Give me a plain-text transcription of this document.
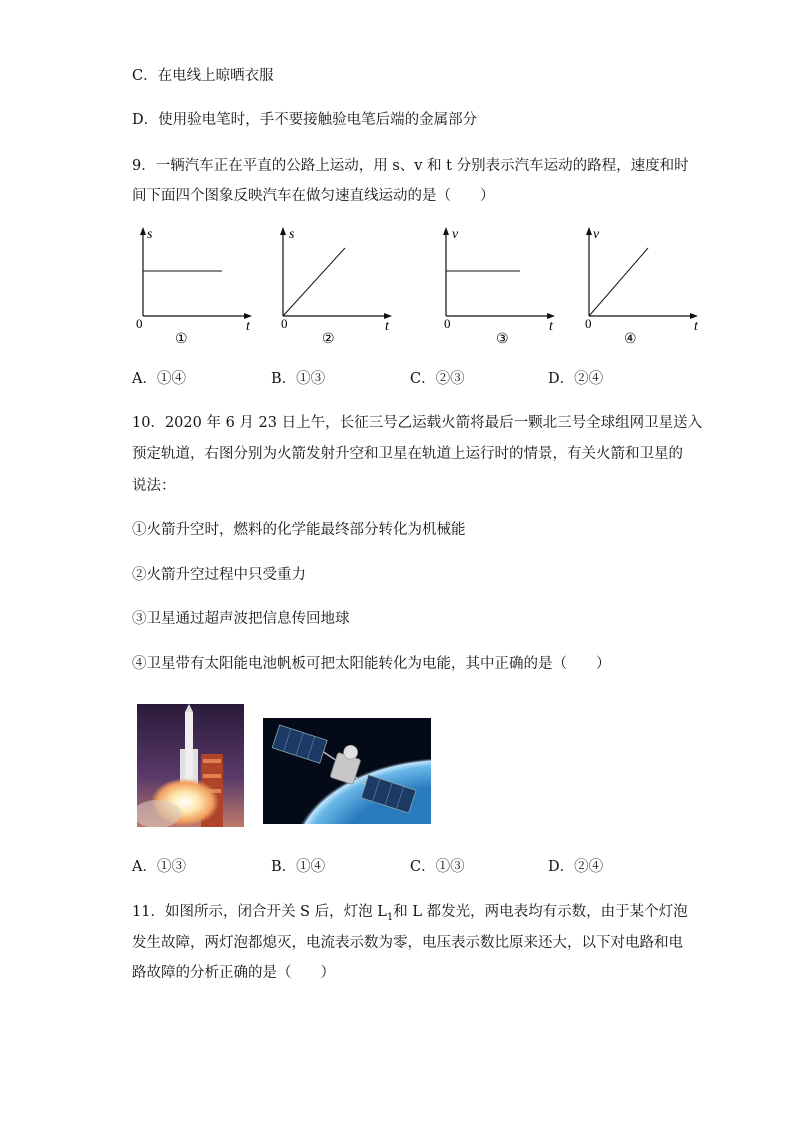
C．在电线上晾晒衣服
D．使用验电笔时，手不要接触验电笔后端的金属部分
9．一辆汽车正在平直的公路上运动，用 s、v 和 t 分别表示汽车运动的路程，速度和时
间下面四个图象反映汽车在做匀速直线运动的是（　　）
s
t
0
①
s
t
0
②
v
t
0
③
v
t
0
④
A．①④	B．①③	C．②③	D．②④
10．2020 年 6 月 23 日上午，长征三号乙运载火箭将最后一颗北三号全球组网卫星送入
预定轨道，右图分别为火箭发射升空和卫星在轨道上运行时的情景，有关火箭和卫星的
说法：
①火箭升空时，燃料的化学能最终部分转化为机械能
②火箭升空过程中只受重力
③卫星通过超声波把信息传回地球
④卫星带有太阳能电池帆板可把太阳能转化为电能，其中正确的是（　　）
A．①③	B．①④	C．①③	D．②④
11．如图所示，闭合开关 S 后，灯泡 $L_1$和 L 都发光，两电表均有示数，由于某个灯泡
发生故障，两灯泡都熄灭，电流表示数为零，电压表示数比原来还大，以下对电路和电
路故障的分析正确的是（　　）
